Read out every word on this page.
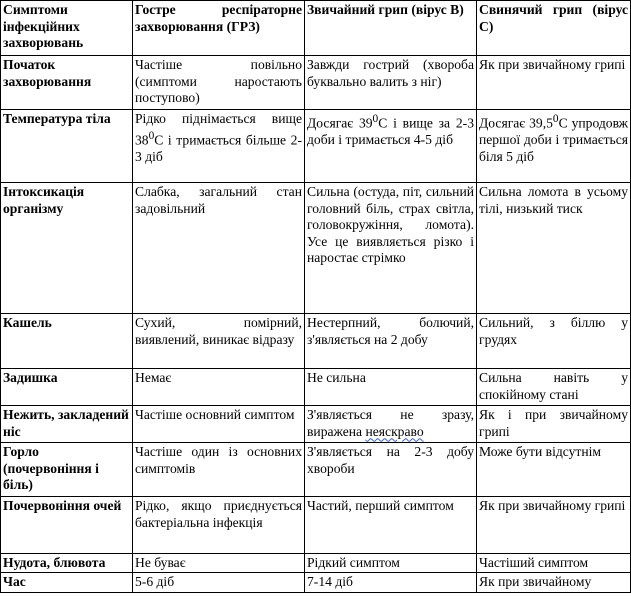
Симптоми інфекційних захворювань	Гостре респіраторне захворювання (ГРЗ)	Звичайний грип (вірус В)	Свинячий грип (вірус С)
Початок захворювання	Частіше повільно (симптоми наростають поступово)	Завжди гострий (хвороба буквально валить з ніг)	Як при звичайному грипі
Температура тіла	Рідко піднімається вище $38^0С$ і тримається більше 2-3 діб	Досягає $39^0С$ і вище за 2-3 доби і тримається 4-5 діб	Досягає 39,5$^0$С упродовж першої доби і тримається біля 5 діб
Інтоксикація організму	Слабка, загальний стан задовільний	Сильна (остуда, піт, сильний головний біль, страх світла, головокружіння, ломота). Усе це виявляється різко і наростає стрімко	Сильна ломота в усьому тілі, низький тиск
Кашель	Сухий, помірний, виявлений, виникає відразу	Нестерпний, болючий, з'являється на 2 добу	Сильний, з біллю у грудях
Задишка	Немає	Не сильна	Сильна навіть у спокійному стані
Нежить, закладений ніс	Частіше основний симптом	З'являється не зразу, виражена неяскраво	Як і при звичайному грипі
Горло (почервоніння і біль)	Частіше один із основних симптомів	З'являється на 2-3 добу хвороби	Може бути відсутнім
Почервоніння очей	Рідко, якщо приєднується бактеріальна інфекція	Частий, перший симптом	Як при звичайному грипі
Нудота, блювота	Не буває	Рідкий симптом	Частіший симптом
Час	5-6 діб	7-14 діб	Як при звичайному
